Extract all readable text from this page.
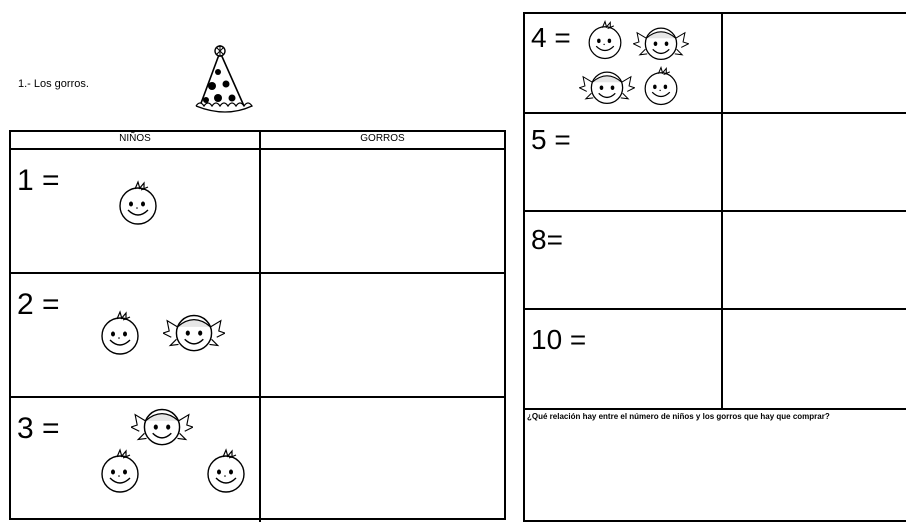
1.- Los gorros.
NIÑOS	GORROS
1 =
2 =
3 =
4 =
5 =
8=
10 =
¿Qué relación hay entre el número de niños y los gorros que hay que comprar?
